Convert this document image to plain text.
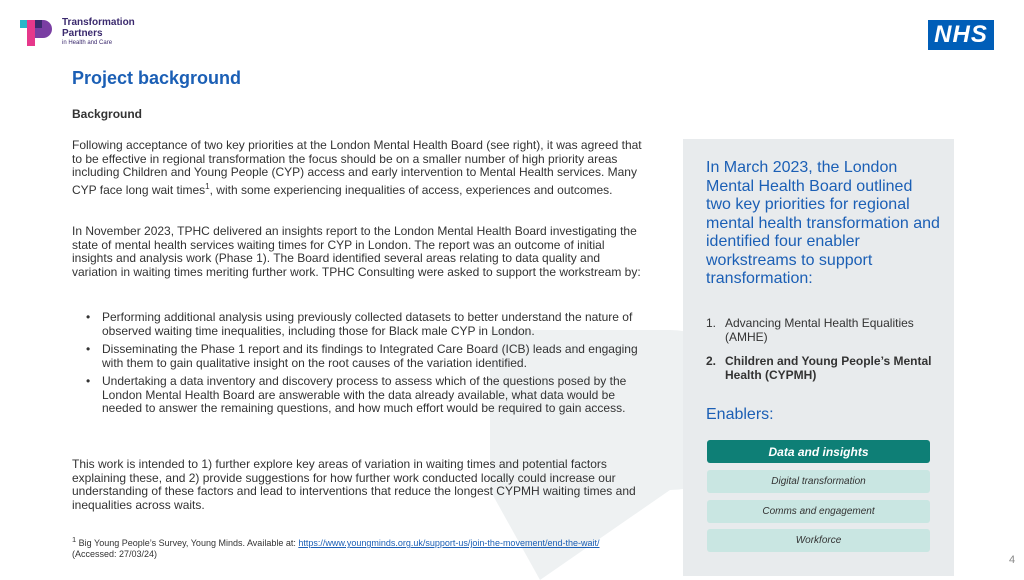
Transformation
Partners
in Health and Care	NHS
Project background
Background
Following acceptance of two key priorities at the London Mental Health Board (see right), it was agreed that to be effective in regional transformation the focus should be on a smaller number of high priority areas including Children and Young People (CYP) access and early intervention to Mental Health services. Many CYP face long wait times$^1$, with some experiencing inequalities of access, experiences and outcomes.
In November 2023, TPHC delivered an insights report to the London Mental Health Board investigating the state of mental health services waiting times for CYP in London. The report was an outcome of initial insights and analysis work (Phase 1). The Board identified several areas relating to data quality and variation in waiting times meriting further work. TPHC Consulting were asked to support the workstream by:
• Performing additional analysis using previously collected datasets to better understand the nature of observed waiting time inequalities, including those for Black male CYP in London.
• Disseminating the Phase 1 report and its findings to Integrated Care Board (ICB) leads and engaging with them to gain qualitative insight on the root causes of the variation identified.
• Undertaking a data inventory and discovery process to assess which of the questions posed by the London Mental Health Board are answerable with the data already available, what data would be needed to answer the remaining questions, and how much effort would be required to gain access.
This work is intended to 1) further explore key areas of variation in waiting times and potential factors explaining these, and 2) provide suggestions for how further work conducted locally could increase our understanding of these factors and lead to interventions that reduce the longest CYPMH waiting times and inequalities across waits.
$^1$ Big Young People’s Survey, Young Minds. Available at: https://www.youngminds.org.uk/support-us/join-the-movement/end-the-wait/
(Accessed: 27/03/24)
In March 2023, the London Mental Health Board outlined two key priorities for regional mental health transformation and identified four enabler workstreams to support transformation:
1. Advancing Mental Health Equalities (AMHE)
2. Children and Young People’s Mental Health (CYPMH)
Enablers:
Data and insights
Digital transformation
Comms and engagement
Workforce
4
